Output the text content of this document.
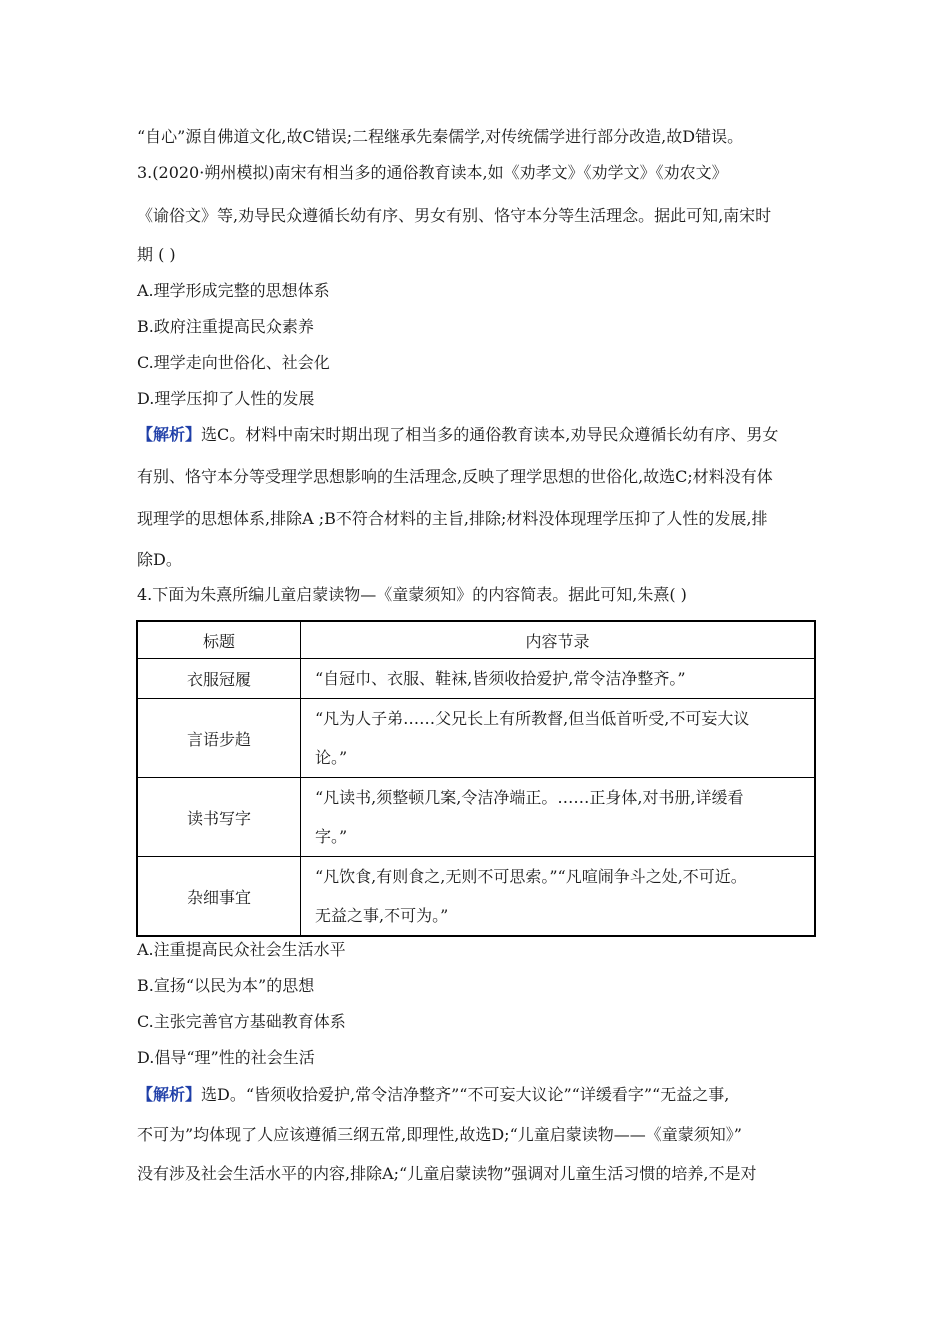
“自心”源自佛道文化,故C错误;二程继承先秦儒学,对传统儒学进行部分改造,故D错误。
3.(2020·朔州模拟)南宋有相当多的通俗教育读本,如《劝孝文》《劝学文》《劝农文》
《谕俗文》等,劝导民众遵循长幼有序、男女有别、恪守本分等生活理念。据此可知,南宋时
期 ( )
A.理学形成完整的思想体系
B.政府注重提高民众素养
C.理学走向世俗化、社会化
D.理学压抑了人性的发展
【解析】选C。材料中南宋时期出现了相当多的通俗教育读本,劝导民众遵循长幼有序、男女
有别、恪守本分等受理学思想影响的生活理念,反映了理学思想的世俗化,故选C;材料没有体
现理学的思想体系,排除A ;B不符合材料的主旨,排除;材料没体现理学压抑了人性的发展,排
除D。
4.下面为朱熹所编儿童启蒙读物—《童蒙须知》的内容简表。据此可知,朱熹( )
标题	内容节录
衣服冠履	“自冠巾、衣服、鞋袜,皆须收拾爱护,常令洁净整齐。”

言语步趋	“凡为人子弟……父兄长上有所教督,但当低首听受,不可妄大议
论。”

读书写字	“凡读书,须整顿几案,令洁净端正。……正身体,对书册,详缓看
字。”

杂细事宜	“凡饮食,有则食之,无则不可思索。”“凡喧闹争斗之处,不可近。
无益之事,不可为。”
A.注重提高民众社会生活水平
B.宣扬“以民为本”的思想
C.主张完善官方基础教育体系
D.倡导“理”性的社会生活
【解析】选D。“皆须收拾爱护,常令洁净整齐”“不可妄大议论”“详缓看字”“无益之事,
不可为”均体现了人应该遵循三纲五常,即理性,故选D;“儿童启蒙读物——《童蒙须知》”
没有涉及社会生活水平的内容,排除A;“儿童启蒙读物”强调对儿童生活习惯的培养,不是对
